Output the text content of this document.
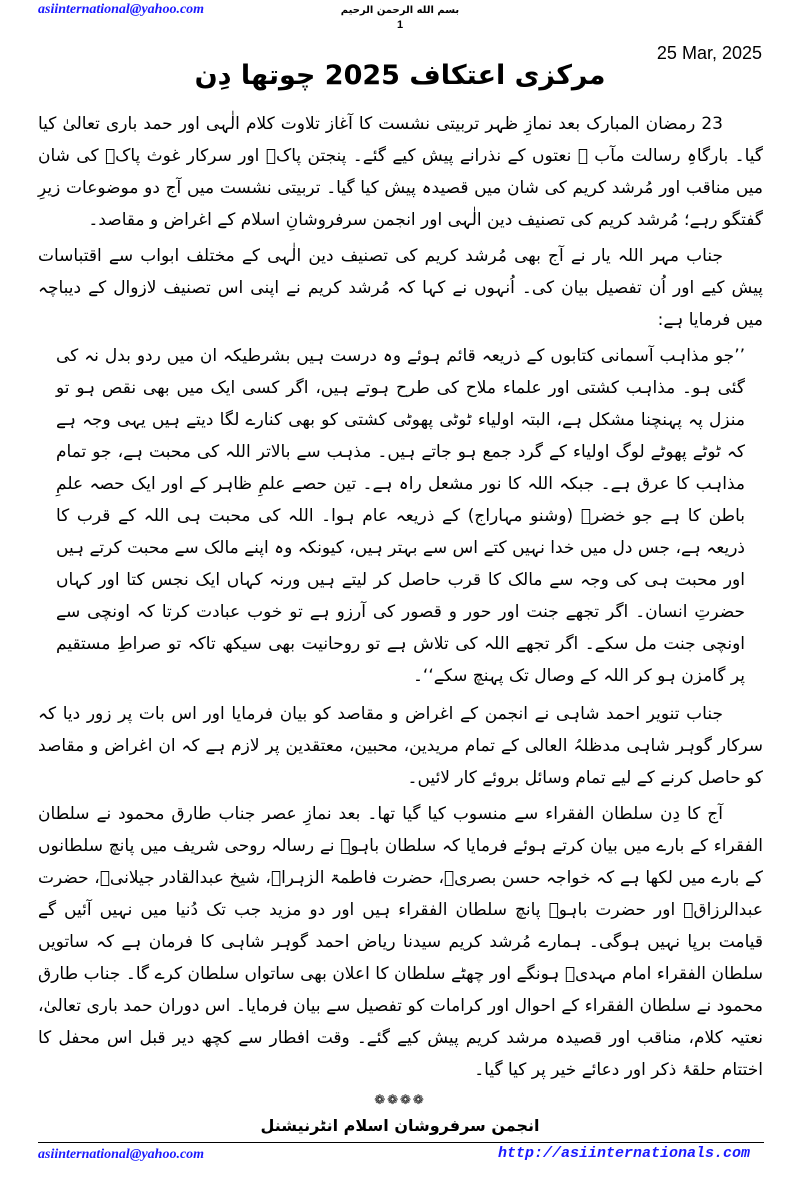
asiinternational@yahoo.com	بسم الله الرحمن الرحیم
1
25 Mar, 2025
مرکزی اعتکاف 2025 چوتھا دِن

23 رمضان المبارک بعد نمازِ ظہر تربیتی نشست کا آغاز تلاوت کلام الٰہی اور حمد باری تعالیٰ کیا گیا۔ بارگاہِ رسالت مآب ﷺ نعتوں کے نذرانے پیش کیے گئے۔ پنجتن پاکؑ اور سرکار غوث پاکؓ کی شان میں مناقب اور مُرشد کریم کی شان میں قصیدہ پیش کیا گیا۔ تربیتی نشست میں آج دو موضوعات زیرِ گفتگو رہے؛ مُرشد کریم کی تصنیف دین الٰہی اور انجمن سرفروشانِ اسلام کے اغراض و مقاصد۔

جناب مہر اللہ یار نے آج بھی مُرشد کریم کی تصنیف دین الٰہی کے مختلف ابواب سے اقتباسات پیش کیے اور اُن تفصیل بیان کی۔ اُنہوں نے کہا کہ مُرشد کریم نے اپنی اس تصنیف لازوال کے دیباچہ میں فرمایا ہے:

’’جو مذاہب آسمانی کتابوں کے ذریعہ قائم ہوئے وہ درست ہیں بشرطیکہ ان میں ردو بدل نہ کی گئی ہو۔ مذاہب کشتی اور علماء ملاح کی طرح ہوتے ہیں، اگر کسی ایک میں بھی نقص ہو تو منزل پہ پہنچنا مشکل ہے، البتہ اولیاء ٹوٹی پھوٹی کشتی کو بھی کنارے لگا دیتے ہیں یہی وجہ ہے کہ ٹوٹے پھوٹے لوگ اولیاء کے گرد جمع ہو جاتے ہیں۔ مذہب سے بالاتر اللہ کی محبت ہے، جو تمام مذاہب کا عرق ہے۔ جبکہ اللہ کا نور مشعل راہ ہے۔ تین حصے علمِ ظاہر کے اور ایک حصہ علمِ باطن کا ہے جو خضرؑ (وشنو مہاراج) کے ذریعہ عام ہوا۔ اللہ کی محبت ہی اللہ کے قرب کا ذریعہ ہے، جس دل میں خدا نہیں کتے اس سے بہتر ہیں، کیونکہ وہ اپنے مالک سے محبت کرتے ہیں اور محبت ہی کی وجہ سے مالک کا قرب حاصل کر لیتے ہیں ورنہ کہاں ایک نجس کتا اور کہاں حضرتِ انسان۔ اگر تجھے جنت اور حور و قصور کی آرزو ہے تو خوب عبادت کرتا کہ اونچی سے اونچی جنت مل سکے۔ اگر تجھے اللہ کی تلاش ہے تو روحانیت بھی سیکھ تاکہ تو صراطِ مستقیم پر گامزن ہو کر اللہ کے وصال تک پہنچ سکے‘‘۔

جناب تنویر احمد شاہی نے انجمن کے اغراض و مقاصد کو بیان فرمایا اور اس بات پر زور دیا کہ سرکار گوہر شاہی مدظلہُ العالی کے تمام مریدین، محبین، معتقدین پر لازم ہے کہ ان اغراض و مقاصد کو حاصل کرنے کے لیے تمام وسائل بروئے کار لائیں۔

آج کا دِن سلطان الفقراء سے منسوب کیا گیا تھا۔ بعد نمازِ عصر جناب طارق محمود نے سلطان الفقراء کے بارے میں بیان کرتے ہوئے فرمایا کہ سلطان باہوؒ نے رسالہ روحی شریف میں پانچ سلطانوں کے بارے میں لکھا ہے کہ خواجہ حسن بصریؒ، حضرت فاطمۃ الزہراؓ، شیخ عبدالقادر جیلانیؒ، حضرت عبدالرزاقؒ اور حضرت باہوؒ پانچ سلطان الفقراء ہیں اور دو مزید جب تک دُنیا میں نہیں آئیں گے قیامت برپا نہیں ہوگی۔ ہمارے مُرشد کریم سیدنا ریاض احمد گوہر شاہی کا فرمان ہے کہ ساتویں سلطان الفقراء امام مہدیؑ ہونگے اور چھٹے سلطان کا اعلان بھی ساتواں سلطان کرے گا۔ جناب طارق محمود نے سلطان الفقراء کے احوال اور کرامات کو تفصیل سے بیان فرمایا۔ اس دوران حمد باری تعالیٰ، نعتیہ کلام، مناقب اور قصیدہ مرشد کریم پیش کیے گئے۔ وقت افطار سے کچھ دیر قبل اس محفل کا اختتام حلقۂ ذکر اور دعائے خیر پر کیا گیا۔

❁❁❁❁
انجمن سرفروشان اسلام انٹرنیشنل
asiinternational@yahoo.com	http://asiinternationals.com
